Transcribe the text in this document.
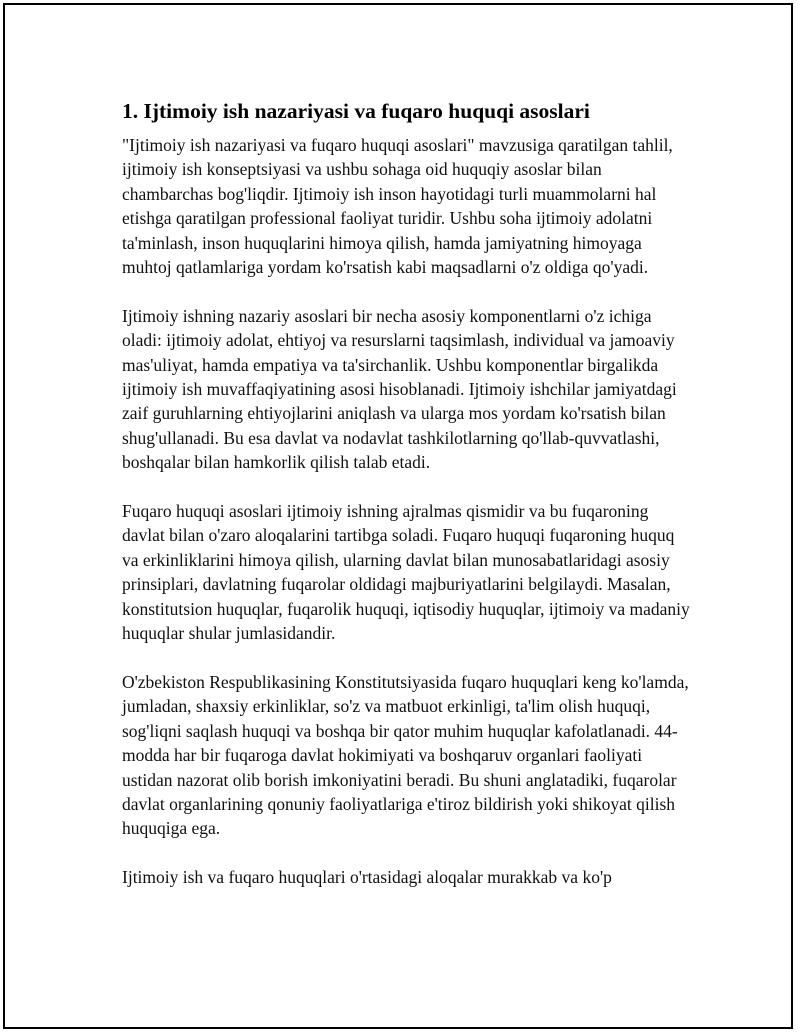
1. Ijtimoiy ish nazariyasi va fuqaro huquqi asoslari

"Ijtimoiy ish nazariyasi va fuqaro huquqi asoslari" mavzusiga qaratilgan tahlil, ijtimoiy ish konseptsiyasi va ushbu sohaga oid huquqiy asoslar bilan chambarchas bog'liqdir. Ijtimoiy ish inson hayotidagi turli muammolarni hal etishga qaratilgan professional faoliyat turidir. Ushbu soha ijtimoiy adolatni ta'minlash, inson huquqlarini himoya qilish, hamda jamiyatning himoyaga muhtoj qatlamlariga yordam ko'rsatish kabi maqsadlarni o'z oldiga qo'yadi.

Ijtimoiy ishning nazariy asoslari bir necha asosiy komponentlarni o'z ichiga oladi: ijtimoiy adolat, ehtiyoj va resurslarni taqsimlash, individual va jamoaviy mas'uliyat, hamda empatiya va ta'sirchanlik. Ushbu komponentlar birgalikda ijtimoiy ish muvaffaqiyatining asosi hisoblanadi. Ijtimoiy ishchilar jamiyatdagi zaif guruhlarning ehtiyojlarini aniqlash va ularga mos yordam ko'rsatish bilan shug'ullanadi. Bu esa davlat va nodavlat tashkilotlarning qo'llab-quvvatlashi, boshqalar bilan hamkorlik qilish talab etadi.

Fuqaro huquqi asoslari ijtimoiy ishning ajralmas qismidir va bu fuqaroning davlat bilan o'zaro aloqalarini tartibga soladi. Fuqaro huquqi fuqaroning huquq va erkinliklarini himoya qilish, ularning davlat bilan munosabatlaridagi asosiy prinsiplari, davlatning fuqarolar oldidagi majburiyatlarini belgilaydi. Masalan, konstitutsion huquqlar, fuqarolik huquqi, iqtisodiy huquqlar, ijtimoiy va madaniy huquqlar shular jumlasidandir.

O'zbekiston Respublikasining Konstitutsiyasida fuqaro huquqlari keng ko'lamda, jumladan, shaxsiy erkinliklar, so'z va matbuot erkinligi, ta'lim olish huquqi, sog'liqni saqlash huquqi va boshqa bir qator muhim huquqlar kafolatlanadi. 44-modda har bir fuqaroga davlat hokimiyati va boshqaruv organlari faoliyati ustidan nazorat olib borish imkoniyatini beradi. Bu shuni anglatadiki, fuqarolar davlat organlarining qonuniy faoliyatlariga e'tiroz bildirish yoki shikoyat qilish huquqiga ega.

Ijtimoiy ish va fuqaro huquqlari o'rtasidagi aloqalar murakkab va ko'p
